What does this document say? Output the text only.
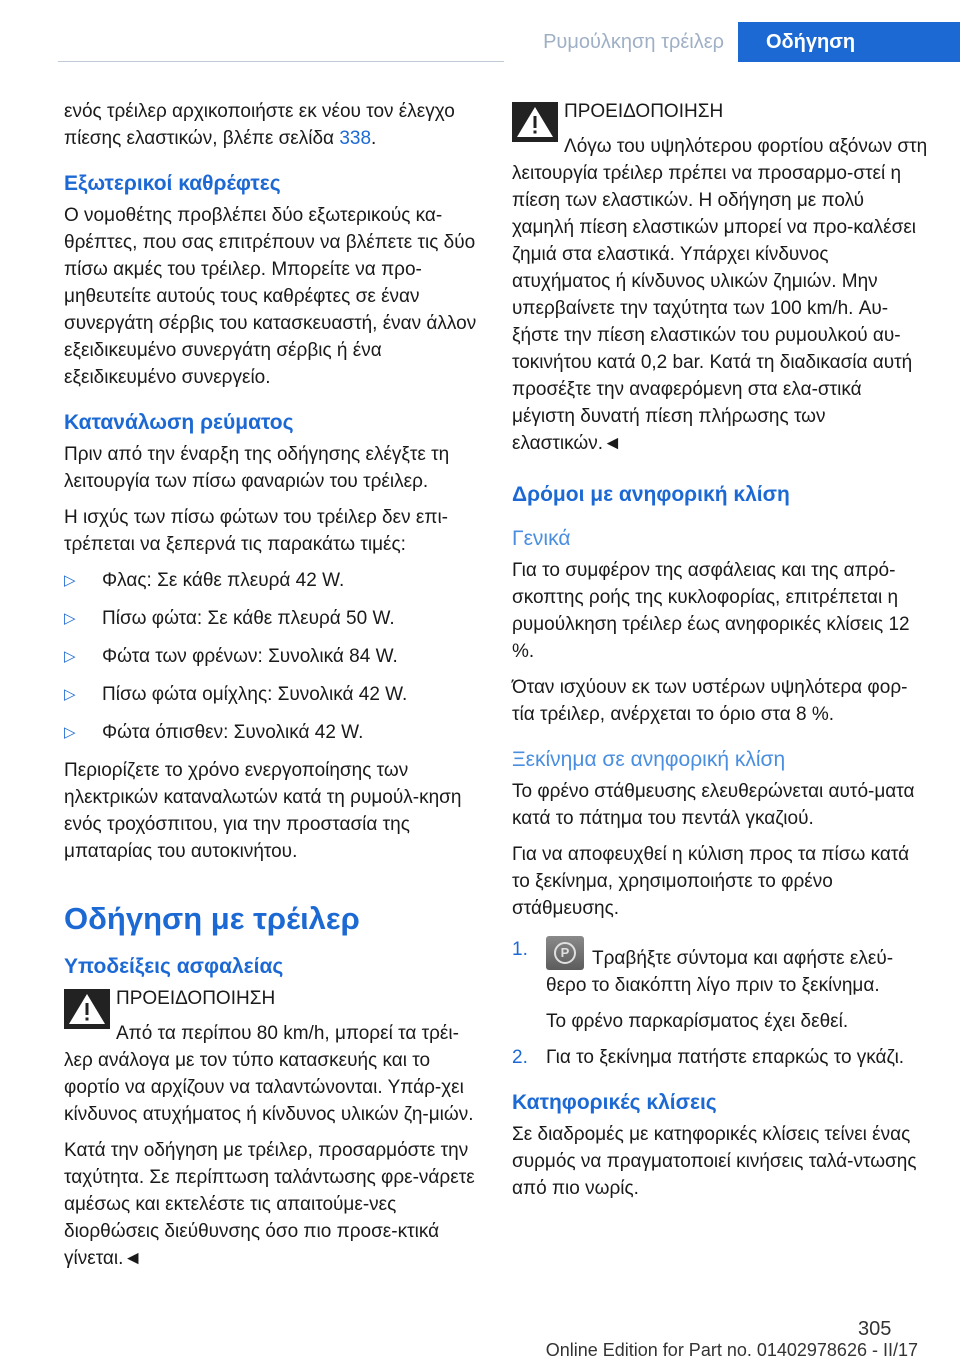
Ρυμούλκηση τρέιλερ	Οδήγηση

ενός τρέιλερ αρχικοποιήστε εκ νέου τον έλεγχο πίεσης ελαστικών, βλέπε σελίδα 338.

Εξωτερικοί καθρέφτες

Ο νομοθέτης προβλέπει δύο εξωτερικούς κα-θρέπτες, που σας επιτρέπουν να βλέπετε τις δύο πίσω ακμές του τρέιλερ. Μπορείτε να προ-μηθευτείτε αυτούς τους καθρέφτες σε έναν συνεργάτη σέρβις του κατασκευαστή, έναν άλλον εξειδικευμένο συνεργάτη σέρβις ή ένα εξειδικευμένο συνεργείο.

Κατανάλωση ρεύματος

Πριν από την έναρξη της οδήγησης ελέγξτε τη λειτουργία των πίσω φαναριών του τρέιλερ.

Η ισχύς των πίσω φώτων του τρέιλερ δεν επι-τρέπεται να ξεπερνά τις παρακάτω τιμές:

▷ Φλας: Σε κάθε πλευρά 42 W.
▷ Πίσω φώτα: Σε κάθε πλευρά 50 W.
▷ Φώτα των φρένων: Συνολικά 84 W.
▷ Πίσω φώτα ομίχλης: Συνολικά 42 W.
▷ Φώτα όπισθεν: Συνολικά 42 W.

Περιορίζετε το χρόνο ενεργοποίησης των ηλεκτρικών καταναλωτών κατά τη ρυμούλ-κηση ενός τροχόσπιτου, για την προστασία της μπαταρίας του αυτοκινήτου.

Οδήγηση με τρέιλερ
Υποδείξεις ασφαλείας
ΠΡΟΕΙΔΟΠΟΙΗΣΗ
Από τα περίπου 80 km/h, μπορεί τα τρέι-λερ ανάλογα με τον τύπο κατασκευής και το φορτίο να αρχίζουν να ταλαντώνονται. Υπάρ-χει κίνδυνος ατυχήματος ή κίνδυνος υλικών ζη-μιών.

Κατά την οδήγηση με τρέιλερ, προσαρμόστε την ταχύτητα. Σε περίπτωση ταλάντωσης φρε-νάρετε αμέσως και εκτελέστε τις απαιτούμε-νες διορθώσεις διεύθυνσης όσο πιο προσε-κτικά γίνεται.◄

ΠΡΟΕΙΔΟΠΟΙΗΣΗ
Λόγω του υψηλότερου φορτίου αξόνων στη λειτουργία τρέιλερ πρέπει να προσαρμο-στεί η πίεση των ελαστικών. Η οδήγηση με πολύ χαμηλή πίεση ελαστικών μπορεί να προ-καλέσει ζημιά στα ελαστικά. Υπάρχει κίνδυνος ατυχήματος ή κίνδυνος υλικών ζημιών. Μην υπερβαίνετε την ταχύτητα των 100 km/h. Αυ-ξήστε την πίεση ελαστικών του ρυμουλκού αυ-τοκινήτου κατά 0,2 bar. Κατά τη διαδικασία αυτή προσέξτε την αναφερόμενη στα ελα-στικά μέγιστη δυνατή πίεση πλήρωσης των ελαστικών.◄
Δρόμοι με ανηφορική κλίση
Γενικά

Για το συμφέρον της ασφάλειας και της απρό-σκοπτης ροής της κυκλοφορίας, επιτρέπεται η ρυμούλκηση τρέιλερ έως ανηφορικές κλίσεις 12 %.

Όταν ισχύουν εκ των υστέρων υψηλότερα φορ-τία τρέιλερ, ανέρχεται το όριο στα 8 %.

Ξεκίνημα σε ανηφορική κλίση

Το φρένο στάθμευσης ελευθερώνεται αυτό-ματα κατά το πάτημα του πεντάλ γκαζιού.

Για να αποφευχθεί η κύλιση προς τα πίσω κατά το ξεκίνημα, χρησιμοποιήστε το φρένο στάθμευσης.

1.	P	Τραβήξτε σύντομα και αφήστε ελεύ-θερο το διακόπτη λίγο πριν το ξεκίνημα.
Το φρένο παρκαρίσματος έχει δεθεί.
2. Για το ξεκίνημα πατήστε επαρκώς το γκάζι.
Κατηφορικές κλίσεις

Σε διαδρομές με κατηφορικές κλίσεις τείνει ένας συρμός να πραγματοποιεί κινήσεις ταλά-ντωσης από πιο νωρίς.

305
Online Edition for Part no. 01402978626 - II/17
